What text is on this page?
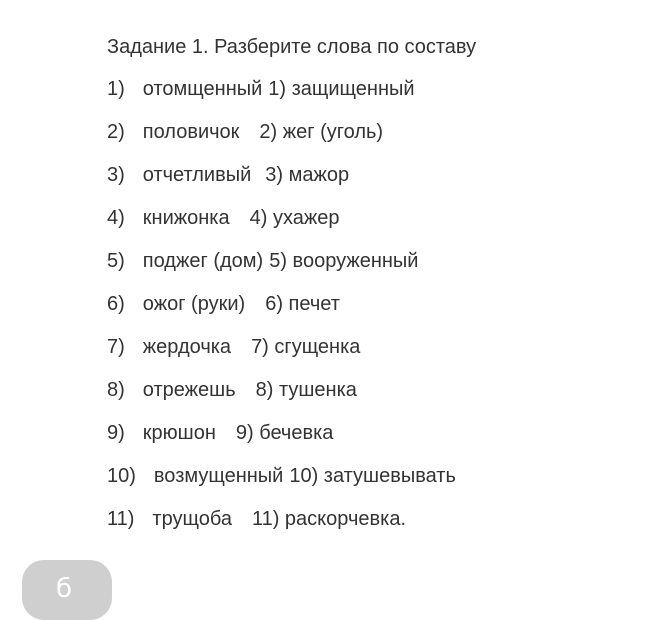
Задание 1. Разберите слова по составу
1) отомщенный 1) защищенный
2) половичок 2) жег (уголь)
3) отчетливый 3) мажор
4) книжонка 4) ухажер
5) поджег (дом) 5) вооруженный
6) ожог (руки) 6) печет
7) жердочка 7) сгущенка
8) отрежешь 8) тушенка
9) крюшон 9) бечевка
10) возмущенный 10) затушевывать
11) трущоба 11) раскорчевка.
б
